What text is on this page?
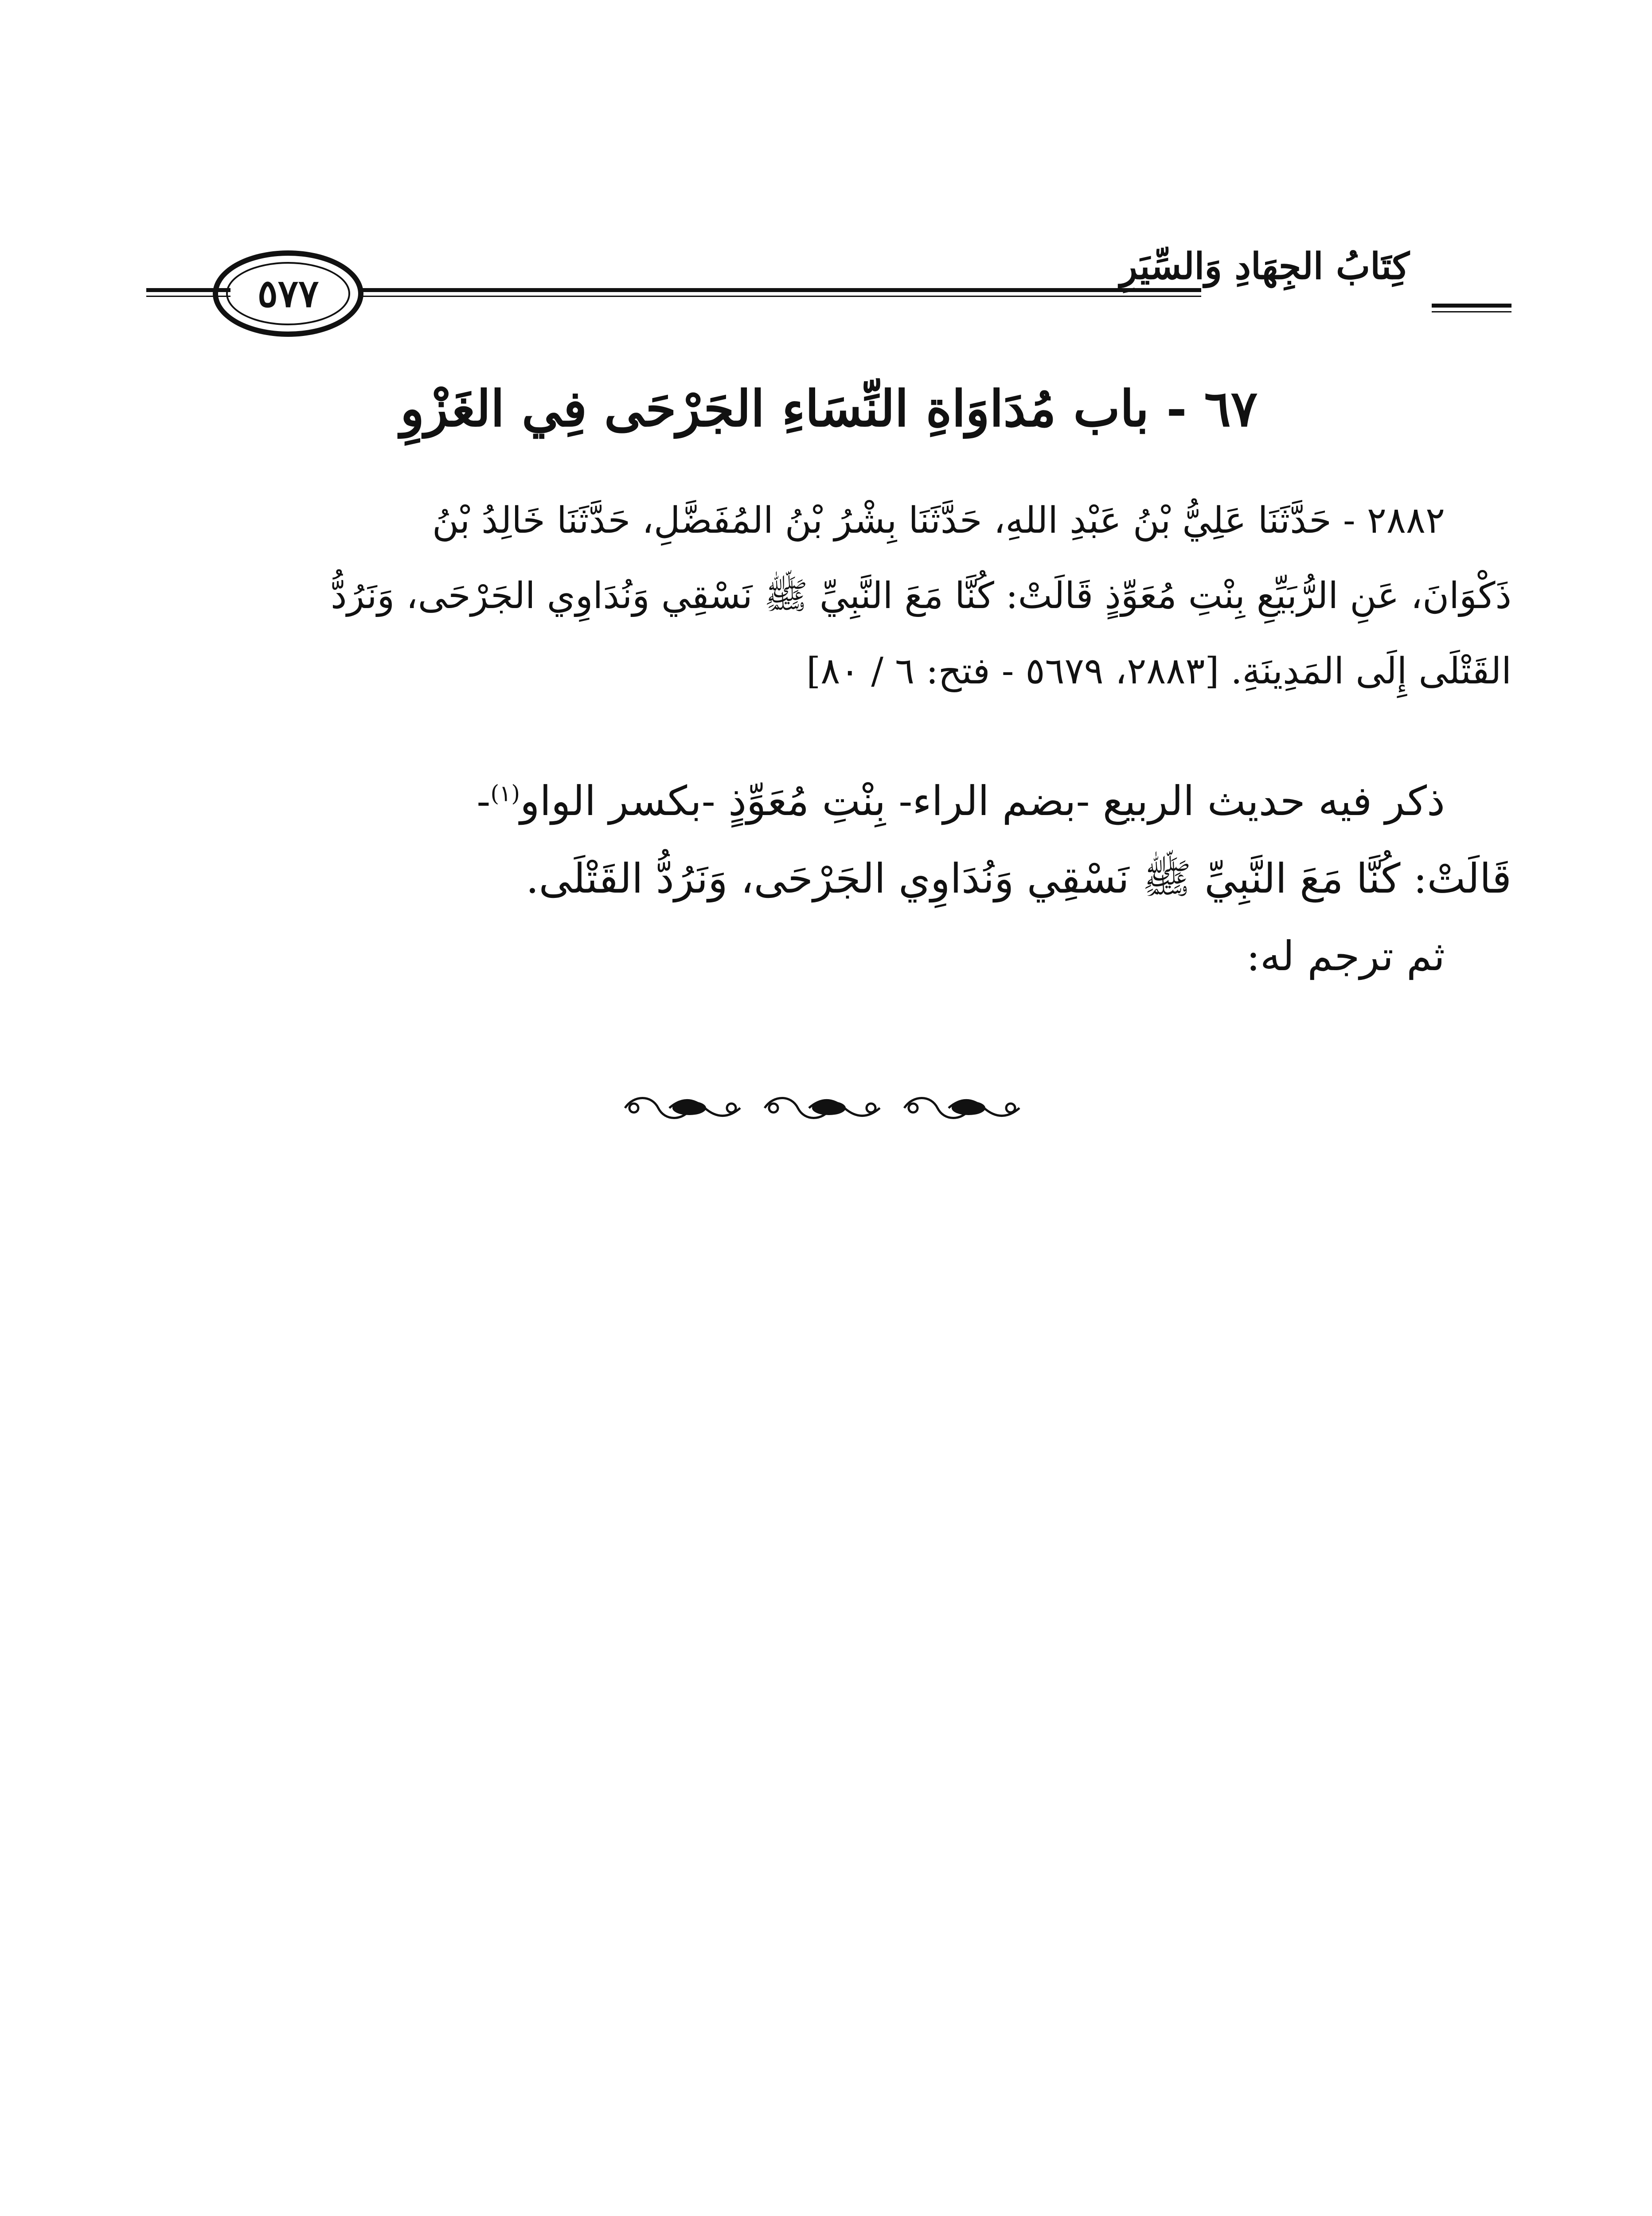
كِتَابُ الجِهَادِ وَالسِّيَرِ
٥٧٧
٦٧ - باب مُدَاوَاةِ النِّسَاءِ الجَرْحَى فِي الغَزْوِ

٢٨٨٢ - حَدَّثَنَا عَلِيُّ بْنُ عَبْدِ اللهِ، حَدَّثَنَا بِشْرُ بْنُ المُفَضَّلِ، حَدَّثَنَا خَالِدُ بْنُ

ذَكْوَانَ، عَنِ الرُّبَيِّعِ بِنْتِ مُعَوِّذٍ قَالَتْ: كُنَّا مَعَ النَّبِيِّ ﷺ نَسْقِي وَنُدَاوِي الجَرْحَى، وَنَرُدُّ

القَتْلَى إِلَى المَدِينَةِ. [٢٨٨٣، ٥٦٧٩ - فتح: ٦ / ٨٠]

ذكر فيه حديث الربيع -بضم الراء- بِنْتِ مُعَوِّذٍ -بكسر الواو$^{(١)}$-

قَالَتْ: كُنَّا مَعَ النَّبِيِّ ﷺ نَسْقِي وَنُدَاوِي الجَرْحَى، وَنَرُدُّ القَتْلَى.

ثم ترجم له:
